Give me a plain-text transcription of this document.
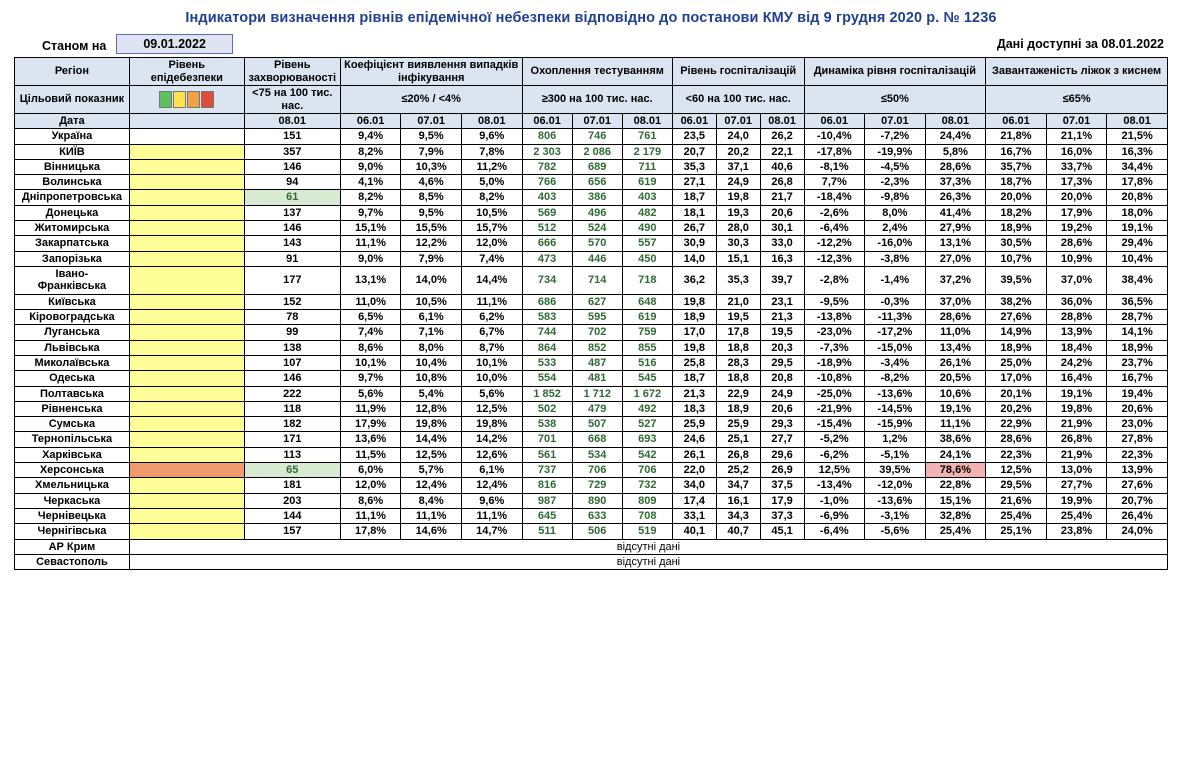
Індикатори визначення рівнів епідемічної небезпеки відповідно до постанови КМУ від 9 грудня 2020 р. № 1236
Станом на	09.01.2022	Дані доступні за 08.01.2022
Регіон	Рівень епідебезпеки	Рівень захворюваності	Коефіцієнт виявлення випадків інфікування			Охоплення тестуванням			Рівень госпіталізацій			Динаміка рівня госпіталізацій			Завантаженість ліжок з киснем		

Цільовий показник		<75 на 100 тис. нас.	≤20% / <4%			≥300 на 100 тис. нас.			<60 на 100 тис. нас.			≤50%			≤65%		
Дата		08.01	06.01	07.01	08.01	06.01	07.01	08.01	06.01	07.01	08.01	06.01	07.01	08.01	06.01	07.01	08.01
Україна		151	9,4%	9,5%	9,6%	806	746	761	23,5	24,0	26,2	-10,4%	-7,2%	24,4%	21,8%	21,1%	21,5%
КИЇВ		357	8,2%	7,9%	7,8%	2 303	2 086	2 179	20,7	20,2	22,1	-17,8%	-19,9%	5,8%	16,7%	16,0%	16,3%
Вінницька		146	9,0%	10,3%	11,2%	782	689	711	35,3	37,1	40,6	-8,1%	-4,5%	28,6%	35,7%	33,7%	34,4%
Волинська		94	4,1%	4,6%	5,0%	766	656	619	27,1	24,9	26,8	7,7%	-2,3%	37,3%	18,7%	17,3%	17,8%
Дніпропетровська		61	8,2%	8,5%	8,2%	403	386	403	18,7	19,8	21,7	-18,4%	-9,8%	26,3%	20,0%	20,0%	20,8%
Донецька		137	9,7%	9,5%	10,5%	569	496	482	18,1	19,3	20,6	-2,6%	8,0%	41,4%	18,2%	17,9%	18,0%
Житомирська		146	15,1%	15,5%	15,7%	512	524	490	26,7	28,0	30,1	-6,4%	2,4%	27,9%	18,9%	19,2%	19,1%
Закарпатська		143	11,1%	12,2%	12,0%	666	570	557	30,9	30,3	33,0	-12,2%	-16,0%	13,1%	30,5%	28,6%	29,4%
Запорізька		91	9,0%	7,9%	7,4%	473	446	450	14,0	15,1	16,3	-12,3%	-3,8%	27,0%	10,7%	10,9%	10,4%
Івано-
Франківська		177	13,1%	14,0%	14,4%	734	714	718	36,2	35,3	39,7	-2,8%	-1,4%	37,2%	39,5%	37,0%	38,4%
Київська		152	11,0%	10,5%	11,1%	686	627	648	19,8	21,0	23,1	-9,5%	-0,3%	37,0%	38,2%	36,0%	36,5%
Кіровоградська		78	6,5%	6,1%	6,2%	583	595	619	18,9	19,5	21,3	-13,8%	-11,3%	28,6%	27,6%	28,8%	28,7%
Луганська		99	7,4%	7,1%	6,7%	744	702	759	17,0	17,8	19,5	-23,0%	-17,2%	11,0%	14,9%	13,9%	14,1%
Львівська		138	8,6%	8,0%	8,7%	864	852	855	19,8	18,8	20,3	-7,3%	-15,0%	13,4%	18,9%	18,4%	18,9%
Миколаївська		107	10,1%	10,4%	10,1%	533	487	516	25,8	28,3	29,5	-18,9%	-3,4%	26,1%	25,0%	24,2%	23,7%
Одеська		146	9,7%	10,8%	10,0%	554	481	545	18,7	18,8	20,8	-10,8%	-8,2%	20,5%	17,0%	16,4%	16,7%
Полтавська		222	5,6%	5,4%	5,6%	1 852	1 712	1 672	21,3	22,9	24,9	-25,0%	-13,6%	10,6%	20,1%	19,1%	19,4%
Рівненська		118	11,9%	12,8%	12,5%	502	479	492	18,3	18,9	20,6	-21,9%	-14,5%	19,1%	20,2%	19,8%	20,6%
Сумська		182	17,9%	19,8%	19,8%	538	507	527	25,9	25,9	29,3	-15,4%	-15,9%	11,1%	22,9%	21,9%	23,0%
Тернопільська		171	13,6%	14,4%	14,2%	701	668	693	24,6	25,1	27,7	-5,2%	1,2%	38,6%	28,6%	26,8%	27,8%
Харківська		113	11,5%	12,5%	12,6%	561	534	542	26,1	26,8	29,6	-6,2%	-5,1%	24,1%	22,3%	21,9%	22,3%
Херсонська		65	6,0%	5,7%	6,1%	737	706	706	22,0	25,2	26,9	12,5%	39,5%	78,6%	12,5%	13,0%	13,9%
Хмельницька		181	12,0%	12,4%	12,4%	816	729	732	34,0	34,7	37,5	-13,4%	-12,0%	22,8%	29,5%	27,7%	27,6%
Черкаська		203	8,6%	8,4%	9,6%	987	890	809	17,4	16,1	17,9	-1,0%	-13,6%	15,1%	21,6%	19,9%	20,7%
Чернівецька		144	11,1%	11,1%	11,1%	645	633	708	33,1	34,3	37,3	-6,9%	-3,1%	32,8%	25,4%	25,4%	26,4%
Чернігівська		157	17,8%	14,6%	14,7%	511	506	519	40,1	40,7	45,1	-6,4%	-5,6%	25,4%	25,1%	23,8%	24,0%
АР Крим	відсутні дані																
Севастополь	відсутні дані																
